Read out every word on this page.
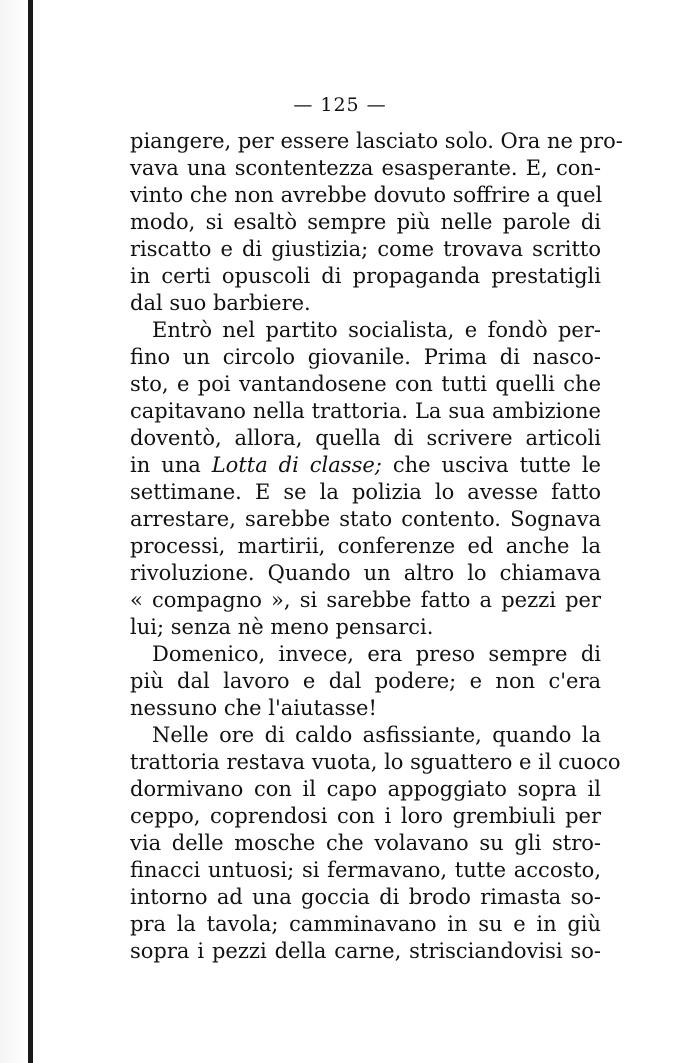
— 125 —
piangere, per essere lasciato solo. Ora ne pro-
vava una scontentezza esasperante. E, con-
vinto che non avrebbe dovuto soffrire a quel
modo, si esaltò sempre più nelle parole di
riscatto e di giustizia; come trovava scritto
in certi opuscoli di propaganda prestatigli
dal suo barbiere.
Entrò nel partito socialista, e fondò per-
fino un circolo giovanile. Prima di nasco-
sto, e poi vantandosene con tutti quelli che
capitavano nella trattoria. La sua ambizione
doventò, allora, quella di scrivere articoli
in una Lotta di classe; che usciva tutte le
settimane. E se la polizia lo avesse fatto
arrestare, sarebbe stato contento. Sognava
processi, martirii, conferenze ed anche la
rivoluzione. Quando un altro lo chiamava
« compagno », si sarebbe fatto a pezzi per
lui; senza nè meno pensarci.
Domenico, invece, era preso sempre di
più dal lavoro e dal podere; e non c'era
nessuno che l'aiutasse!
Nelle ore di caldo asfissiante, quando la
trattoria restava vuota, lo sguattero e il cuoco
dormivano con il capo appoggiato sopra il
ceppo, coprendosi con i loro grembiuli per
via delle mosche che volavano su gli stro-
finacci untuosi; si fermavano, tutte accosto,
intorno ad una goccia di brodo rimasta so-
pra la tavola; camminavano in su e in giù
sopra i pezzi della carne, strisciandovisi so-
